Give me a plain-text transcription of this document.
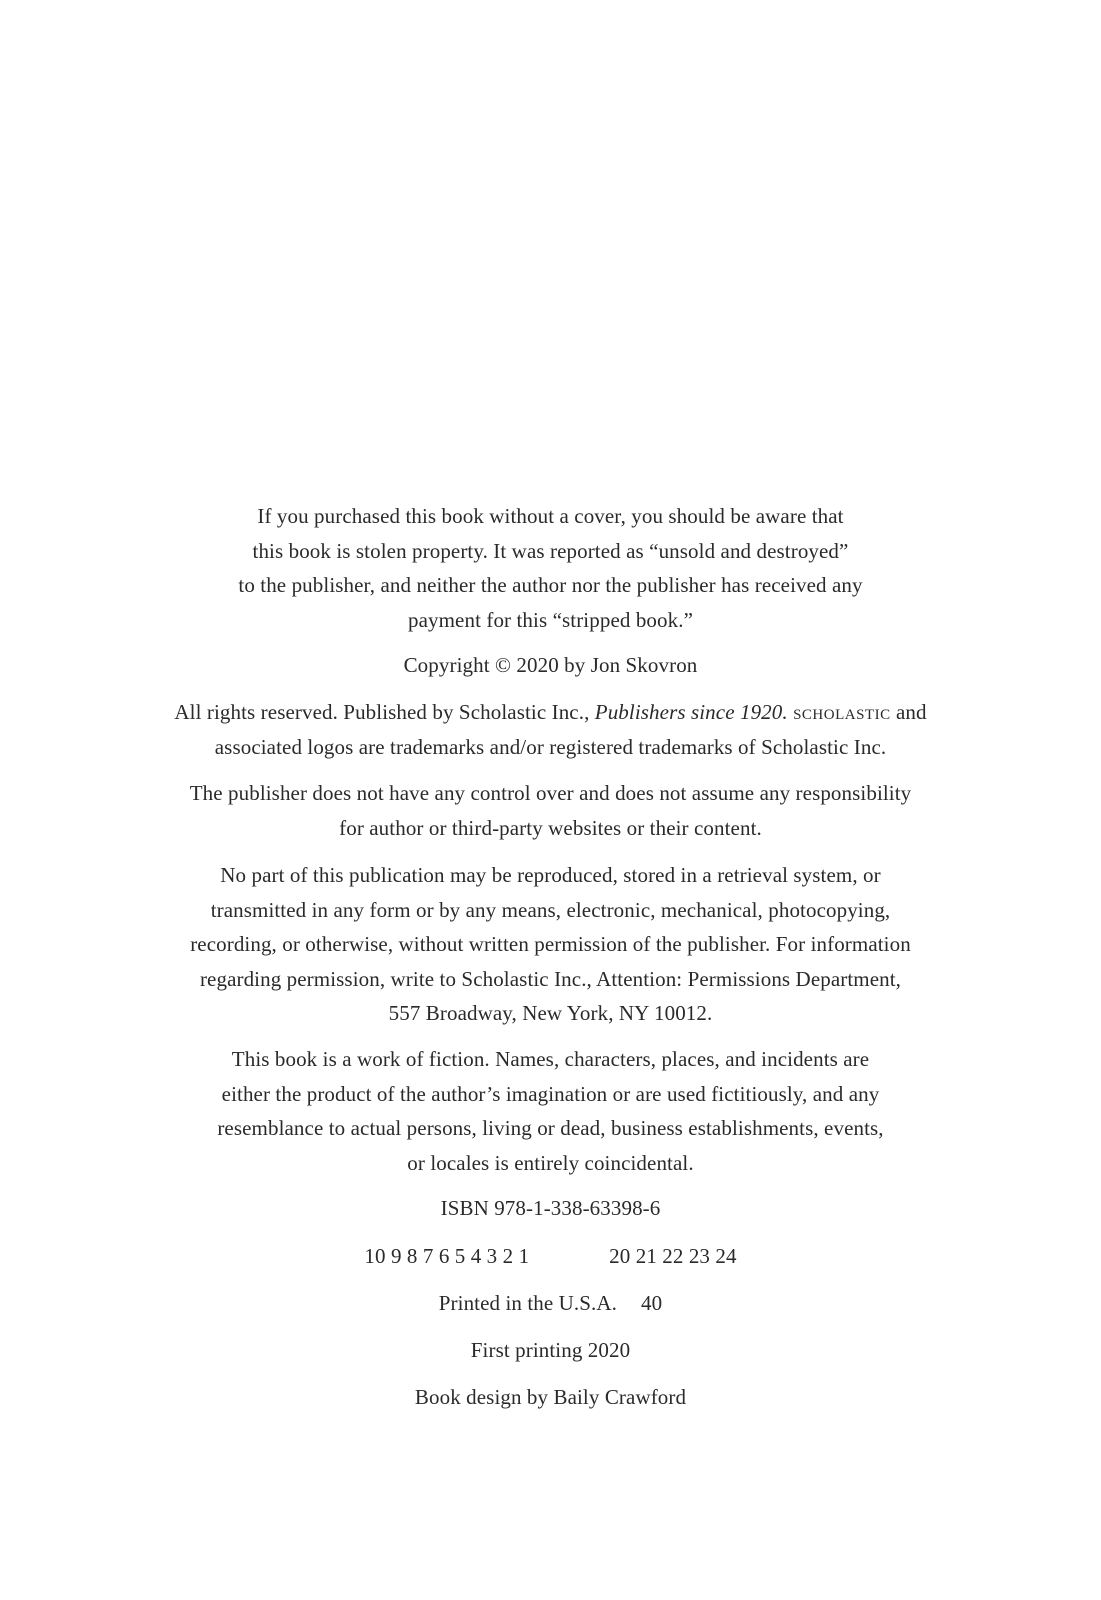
If you purchased this book without a cover, you should be aware that
this book is stolen property. It was reported as “unsold and destroyed”
to the publisher, and neither the author nor the publisher has received any
payment for this “stripped book.”
Copyright © 2020 by Jon Skovron
All rights reserved. Published by Scholastic Inc., Publishers since 1920. scholastic and
associated logos are trademarks and/or registered trademarks of Scholastic Inc.
The publisher does not have any control over and does not assume any responsibility
for author or third-party websites or their content.
No part of this publication may be reproduced, stored in a retrieval system, or
transmitted in any form or by any means, electronic, mechanical, photocopying,
recording, or otherwise, without written permission of the publisher. For information
regarding permission, write to Scholastic Inc., Attention: Permissions Department,
557 Broadway, New York, NY 10012.
This book is a work of fiction. Names, characters, places, and incidents are
either the product of the author’s imagination or are used fictitiously, and any
resemblance to actual persons, living or dead, business establishments, events,
or locales is entirely coincidental.
ISBN 978-1-338-63398-6
10 9 8 7 6 5 4 3 2 1	20 21 22 23 24
Printed in the U.S.A. 40
First printing 2020
Book design by Baily Crawford
